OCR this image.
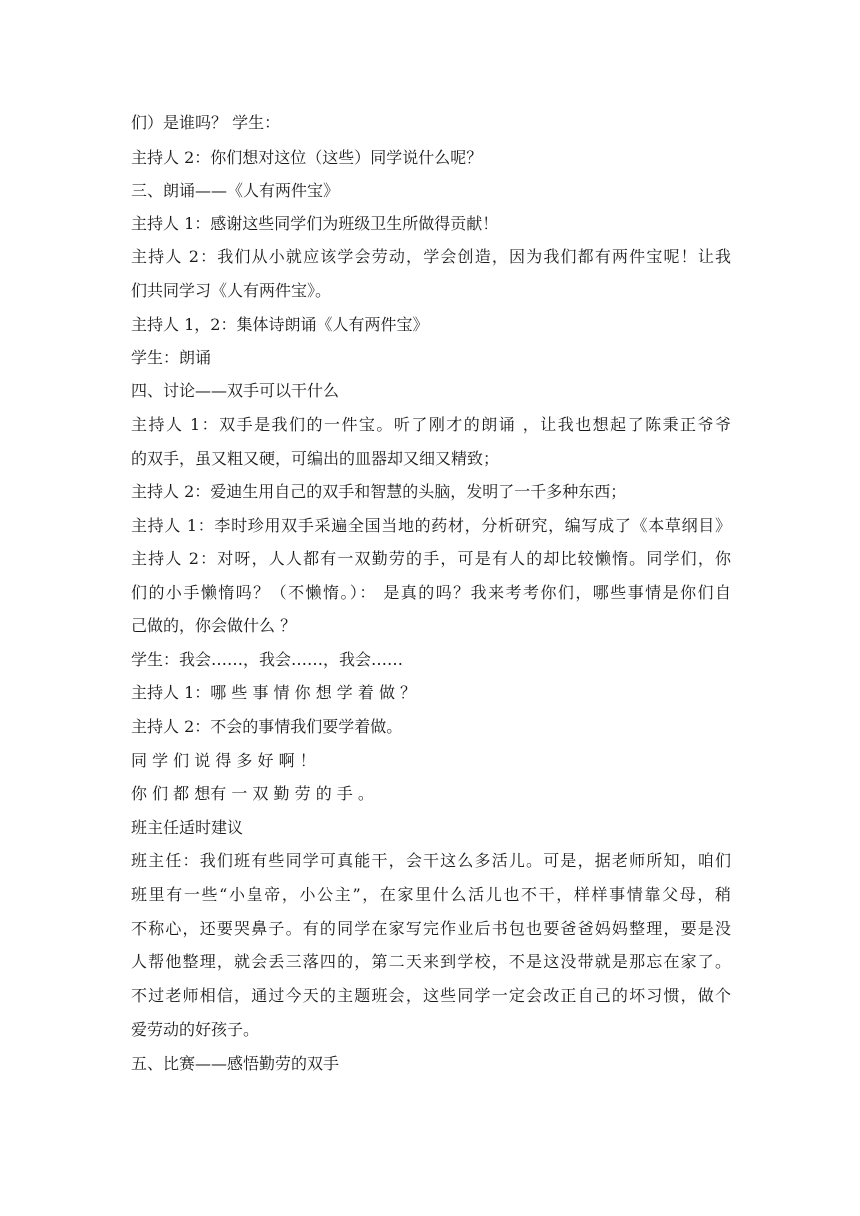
们）是谁吗？ 学生：
主持人 2：你们想对这位（这些）同学说什么呢？
三、朗诵——《人有两件宝》
主持人 1：感谢这些同学们为班级卫生所做得贡献！
主持人 2：我们从小就应该学会劳动，学会创造，因为我们都有两件宝呢！让我
们共同学习《人有两件宝》。
主持人 1，2：集体诗朗诵《人有两件宝》
学生：朗诵
四、讨论——双手可以干什么
主持人 1：双手是我们的一件宝。听了刚才的朗诵 ，让我也想起了陈秉正爷爷
的双手，虽又粗又硬，可编出的皿器却又细又精致；
主持人 2：爱迪生用自己的双手和智慧的头脑，发明了一千多种东西；
主持人 1：李时珍用双手采遍全国当地的药材，分析研究，编写成了《本草纲目》
主持人 2：对呀，人人都有一双勤劳的手，可是有人的却比较懒惰。同学们，你
们的小手懒惰吗？（不懒惰。）： 是真的吗？我来考考你们，哪些事情是你们自
己做的，你会做什么 ？
学生：我会……，我会……，我会……
主持人 1：哪 些 事 情 你 想 学 着 做 ？
主持人 2：不会的事情我们要学着做。
同 学 们 说 得 多 好 啊 ！
你 们 都 想有 一 双 勤 劳 的 手 。
班主任适时建议
班主任：我们班有些同学可真能干，会干这么多活儿。可是，据老师所知，咱们
班里有一些“小皇帝，小公主”，在家里什么活儿也不干，样样事情靠父母，稍
不称心，还要哭鼻子。有的同学在家写完作业后书包也要爸爸妈妈整理，要是没
人帮他整理，就会丢三落四的，第二天来到学校，不是这没带就是那忘在家了。
不过老师相信，通过今天的主题班会，这些同学一定会改正自己的坏习惯，做个
爱劳动的好孩子。
五、比赛——感悟勤劳的双手
